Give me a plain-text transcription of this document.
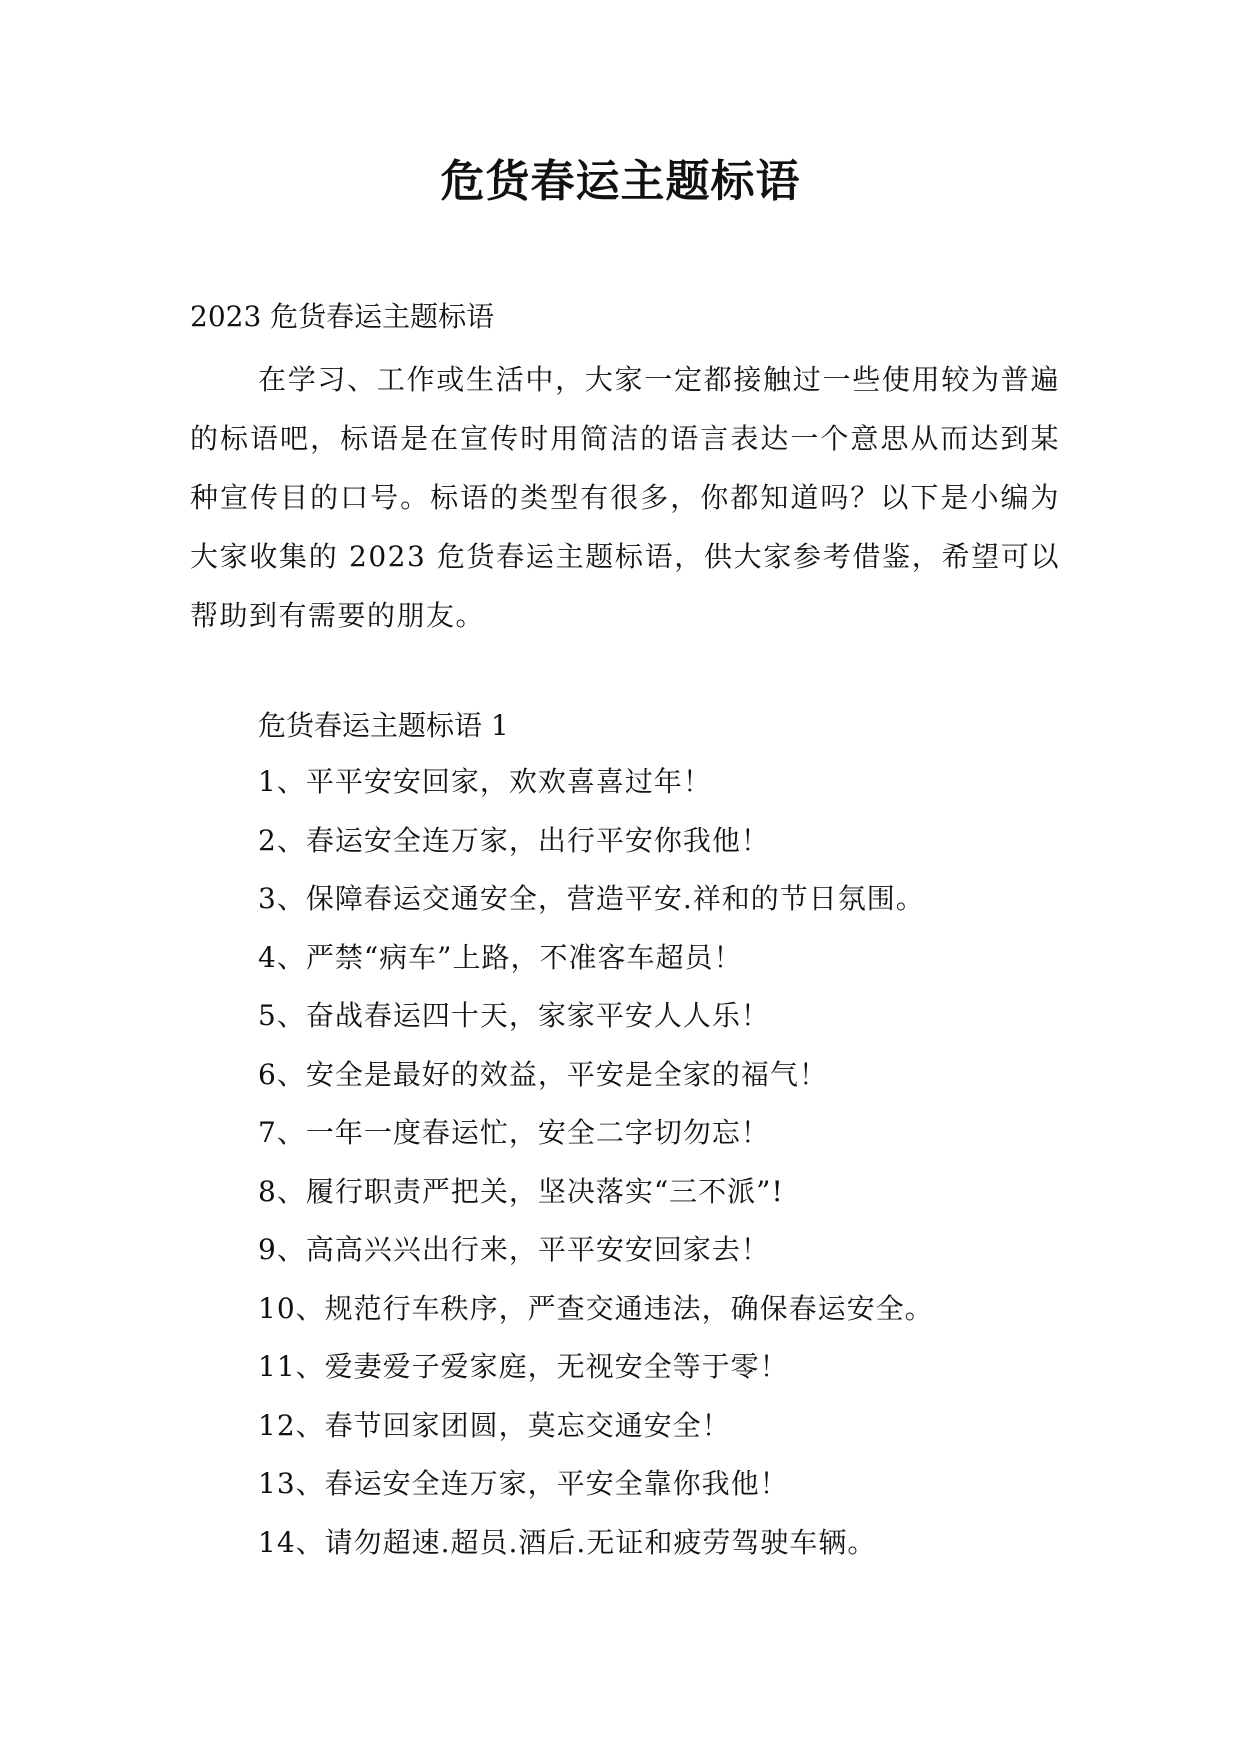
危货春运主题标语
2023 危货春运主题标语
在学习、工作或生活中，大家一定都接触过一些使用较为普遍的标语吧，标语是在宣传时用简洁的语言表达一个意思从而达到某种宣传目的口号。标语的类型有很多，你都知道吗？以下是小编为大家收集的 2023 危货春运主题标语，供大家参考借鉴，希望可以帮助到有需要的朋友。
危货春运主题标语 1
1、平平安安回家，欢欢喜喜过年！
2、春运安全连万家，出行平安你我他！
3、保障春运交通安全，营造平安.祥和的节日氛围。
4、严禁“病车”上路，不准客车超员！
5、奋战春运四十天，家家平安人人乐！
6、安全是最好的效益，平安是全家的福气！
7、一年一度春运忙，安全二字切勿忘！
8、履行职责严把关，坚决落实“三不派”!
9、高高兴兴出行来，平平安安回家去！
10、规范行车秩序，严查交通违法，确保春运安全。
11、爱妻爱子爱家庭，无视安全等于零！
12、春节回家团圆，莫忘交通安全！
13、春运安全连万家，平安全靠你我他！
14、请勿超速.超员.酒后.无证和疲劳驾驶车辆。
